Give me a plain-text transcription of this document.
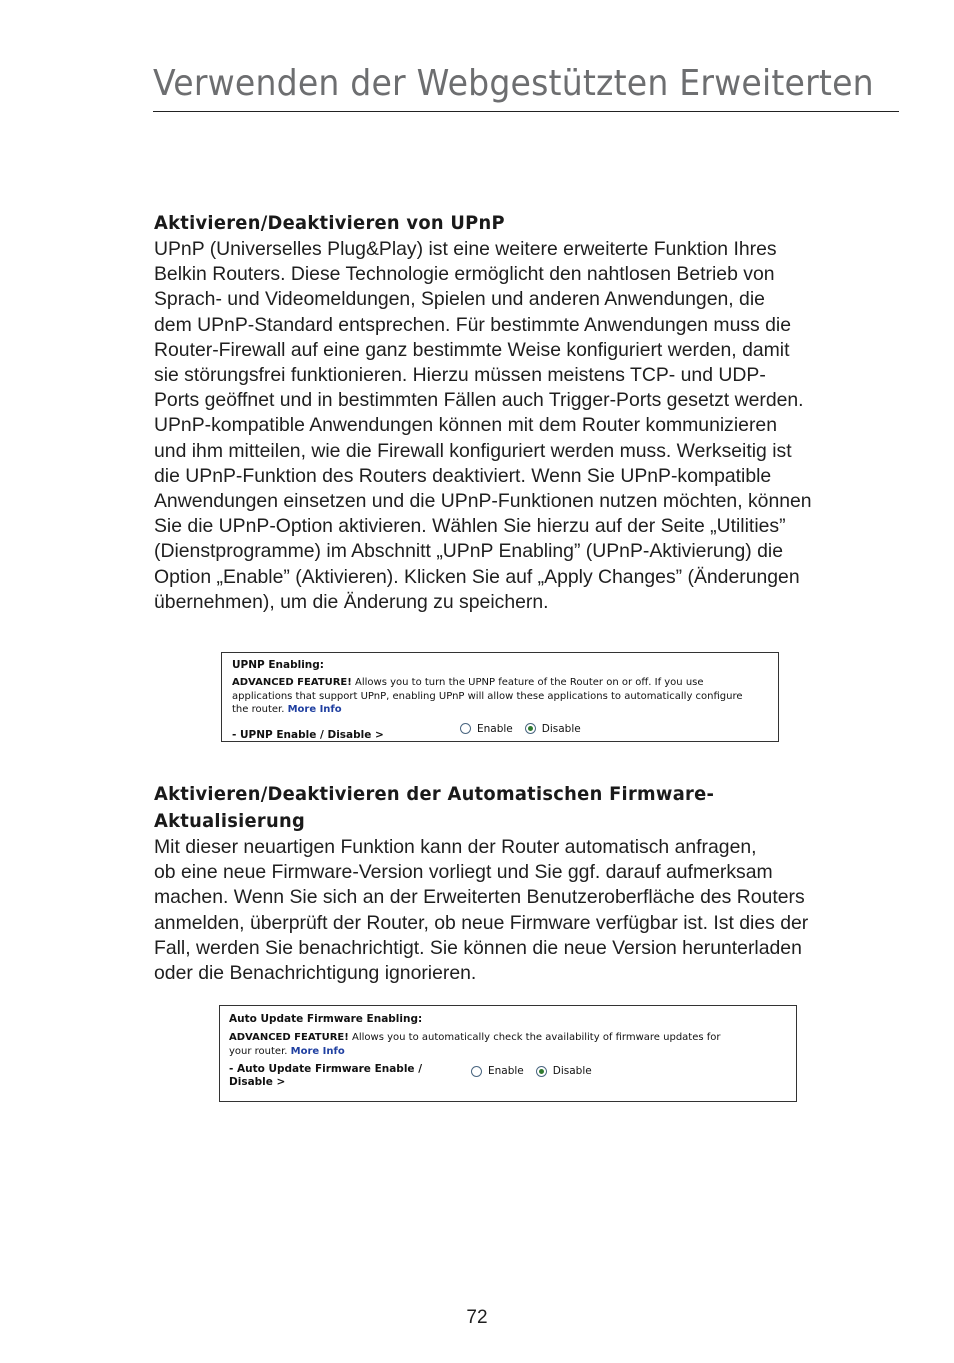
Verwenden der Webgestützten Erweiterten
Aktivieren/Deaktivieren von UPnP

UPnP (Universelles Plug&Play) ist eine weitere erweiterte Funktion Ihres
Belkin Routers. Diese Technologie ermöglicht den nahtlosen Betrieb von
Sprach- und Videomeldungen, Spielen und anderen Anwendungen, die
dem UPnP-Standard entsprechen. Für bestimmte Anwendungen muss die
Router-Firewall auf eine ganz bestimmte Weise konfiguriert werden, damit
sie störungsfrei funktionieren. Hierzu müssen meistens TCP- und UDP-
Ports geöffnet und in bestimmten Fällen auch Trigger-Ports gesetzt werden.
UPnP-kompatible Anwendungen können mit dem Router kommunizieren
und ihm mitteilen, wie die Firewall konfiguriert werden muss. Werkseitig ist
die UPnP-Funktion des Routers deaktiviert. Wenn Sie UPnP-kompatible
Anwendungen einsetzen und die UPnP-Funktionen nutzen möchten, können
Sie die UPnP-Option aktivieren. Wählen Sie hierzu auf der Seite „Utilities”
(Dienstprogramme) im Abschnitt „UPnP Enabling” (UPnP-Aktivierung) die
Option „Enable” (Aktivieren). Klicken Sie auf „Apply Changes” (Änderungen
übernehmen), um die Änderung zu speichern.

UPNP Enabling:
ADVANCED FEATURE! Allows you to turn the UPNP feature of the Router on or off. If you use
applications that support UPnP, enabling UPnP will allow these applications to automatically configure
the router. More Info
- UPNP Enable / Disable >	Enable	Disable
Aktivieren/Deaktivieren der Automatischen Firmware-
Aktualisierung

Mit dieser neuartigen Funktion kann der Router automatisch anfragen,
ob eine neue Firmware-Version vorliegt und Sie ggf. darauf aufmerksam
machen. Wenn Sie sich an der Erweiterten Benutzeroberfläche des Routers
anmelden, überprüft der Router, ob neue Firmware verfügbar ist. Ist dies der
Fall, werden Sie benachrichtigt. Sie können die neue Version herunterladen
oder die Benachrichtigung ignorieren.

Auto Update Firmware Enabling:
ADVANCED FEATURE! Allows you to automatically check the availability of firmware updates for
your router. More Info
- Auto Update Firmware Enable /
Disable >
Enable	Disable
72
